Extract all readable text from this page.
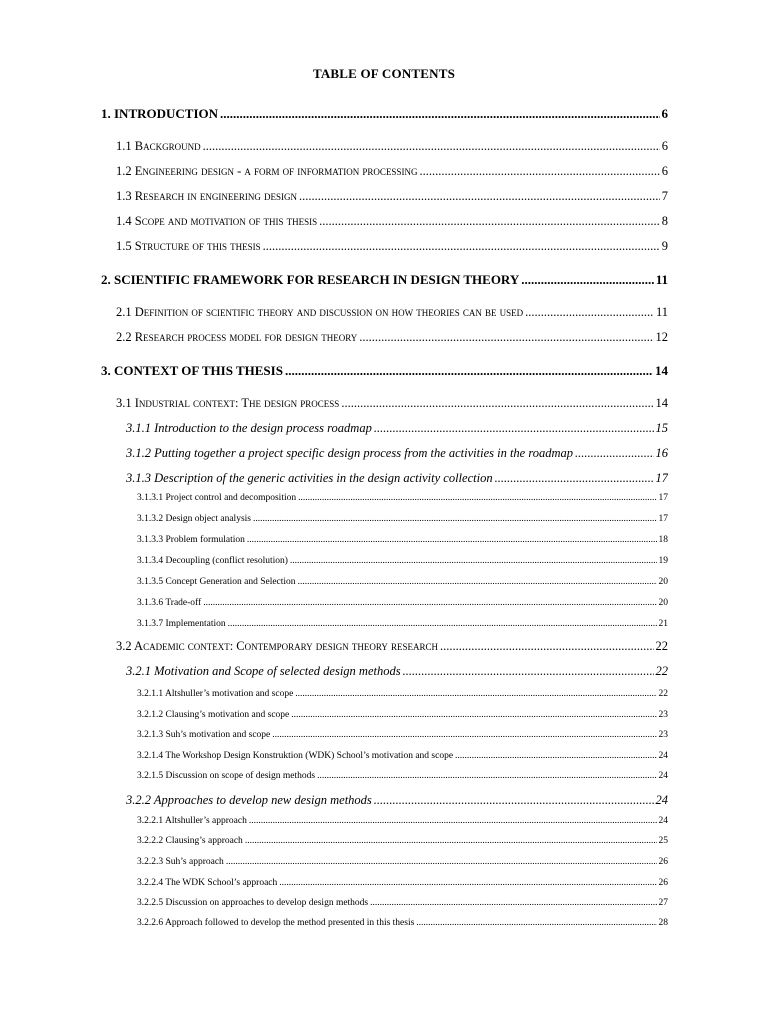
TABLE OF CONTENTS
1. INTRODUCTION .....	6
1.1 Background .....	6
1.2 Engineering design - a form of information processing .....	6
1.3 Research in engineering design .....	7
1.4 Scope and motivation of this thesis .....	8
1.5 Structure of this thesis .....	9
2. SCIENTIFIC FRAMEWORK FOR RESEARCH IN DESIGN THEORY .....	11
2.1 Definition of scientific theory and discussion on how theories can be used .....	11
2.2 Research process model for design theory .....	12
3. CONTEXT OF THIS THESIS .....	14
3.1 Industrial context: The design process .....	14
3.1.1 Introduction to the design process roadmap .....	15
3.1.2 Putting together a project specific design process from the activities in the roadmap .....	16
3.1.3 Description of the generic activities in the design activity collection .....	17
3.1.3.1 Project control and decomposition .....	17
3.1.3.2 Design object analysis .....	17
3.1.3.3 Problem formulation .....	18
3.1.3.4 Decoupling (conflict resolution) .....	19
3.1.3.5 Concept Generation and Selection .....	20
3.1.3.6 Trade-off .....	20
3.1.3.7 Implementation .....	21
3.2 Academic context: Contemporary design theory research .....	22
3.2.1 Motivation and Scope of selected design methods .....	22
3.2.1.1 Altshuller’s motivation and scope .....	22
3.2.1.2 Clausing’s motivation and scope .....	23
3.2.1.3 Suh’s motivation and scope .....	23
3.2.1.4 The Workshop Design Konstruktion (WDK) School’s motivation and scope .....	24
3.2.1.5 Discussion on scope of design methods .....	24
3.2.2 Approaches to develop new design methods .....	24
3.2.2.1 Altshuller’s approach .....	24
3.2.2.2 Clausing’s approach .....	25
3.2.2.3 Suh’s approach .....	26
3.2.2.4 The WDK School’s approach .....	26
3.2.2.5 Discussion on approaches to develop design methods .....	27
3.2.2.6 Approach followed to develop the method presented in this thesis .....	28
